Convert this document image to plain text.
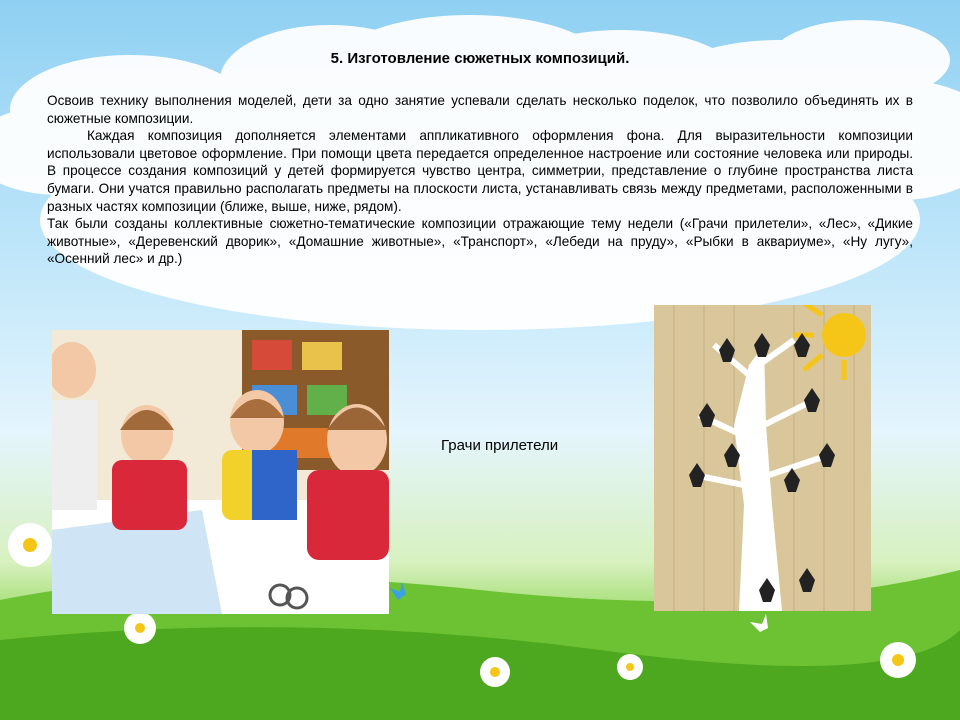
5. Изготовление сюжетных композиций.

Освоив технику выполнения моделей, дети за одно занятие успевали сделать несколько поделок, что позволило объединять их в сюжетные композиции.

Каждая композиция дополняется элементами аппликативного оформления фона. Для выразительности композиции использовали цветовое оформление. При помощи цвета передается определенное настроение или состояние человека или природы. В процессе создания композиций у детей формируется чувство центра, симметрии, представление о глубине пространства листа бумаги. Они учатся правильно располагать предметы на плоскости листа, устанавливать связь между предметами, расположенными в разных частях композиции (ближе, выше, ниже, рядом).

Так были созданы коллективные сюжетно-тематические композиции отражающие тему недели («Грачи прилетели», «Лес», «Дикие животные», «Деревенский дворик», «Домашние животные», «Транспорт», «Лебеди на пруду», «Рыбки в аквариуме», «Ну лугу», «Осенний лес» и др.)

Грачи прилетели
